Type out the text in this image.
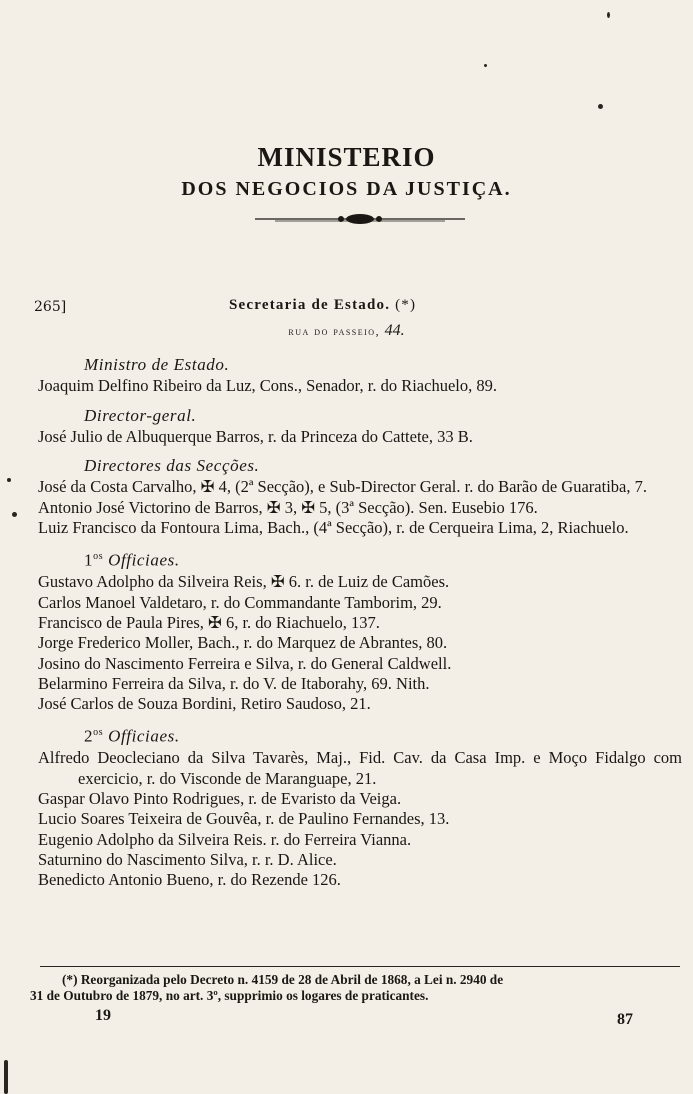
MINISTERIO
DOS NEGOCIOS DA JUSTIÇA.
265]	Secretaria de Estado. (*)
rua do passeio, 44.
Ministro de Estado.

Joaquim Delfino Ribeiro da Luz, Cons., Senador, r. do Riachuelo, 89.

Director-geral.

José Julio de Albuquerque Barros, r. da Princeza do Cattete, 33 B.

Directores das Secções.

José da Costa Carvalho, ✠ 4, (2ª Secção), e Sub-Director Geral. r. do Barão de Guaratiba, 7.

Antonio José Victorino de Barros, ✠ 3, ✠ 5, (3ª Secção). Sen. Eusebio 176.

Luiz Francisco da Fontoura Lima, Bach., (4ª Secção), r. de Cerqueira Lima, 2, Riachuelo.

$1^{os}$ Officiaes.

Gustavo Adolpho da Silveira Reis, ✠ 6. r. de Luiz de Camões.

Carlos Manoel Valdetaro, r. do Commandante Tamborim, 29.

Francisco de Paula Pires, ✠ 6, r. do Riachuelo, 137.

Jorge Frederico Moller, Bach., r. do Marquez de Abrantes, 80.

Josino do Nascimento Ferreira e Silva, r. do General Caldwell.

Belarmino Ferreira da Silva, r. do V. de Itaborahy, 69. Nith.

José Carlos de Souza Bordini, Retiro Saudoso, 21.

$2^{os}$ Officiaes.

Alfredo Deocleciano da Silva Tavarès, Maj., Fid. Cav. da Casa Imp. e Moço Fidalgo com exercicio, r. do Visconde de Maranguape, 21.

Gaspar Olavo Pinto Rodrigues, r. de Evaristo da Veiga.

Lucio Soares Teixeira de Gouvêa, r. de Paulino Fernandes, 13.

Eugenio Adolpho da Silveira Reis. r. do Ferreira Vianna.

Saturnino do Nascimento Silva, r. r. D. Alice.

Benedicto Antonio Bueno, r. do Rezende 126.

(*) Reorganizada pelo Decreto n. 4159 de 28 de Abril de 1868, a Lei n. 2940 de
31 de Outubro de 1879, no art. 3º, supprimio os logares de praticantes.
19	87
